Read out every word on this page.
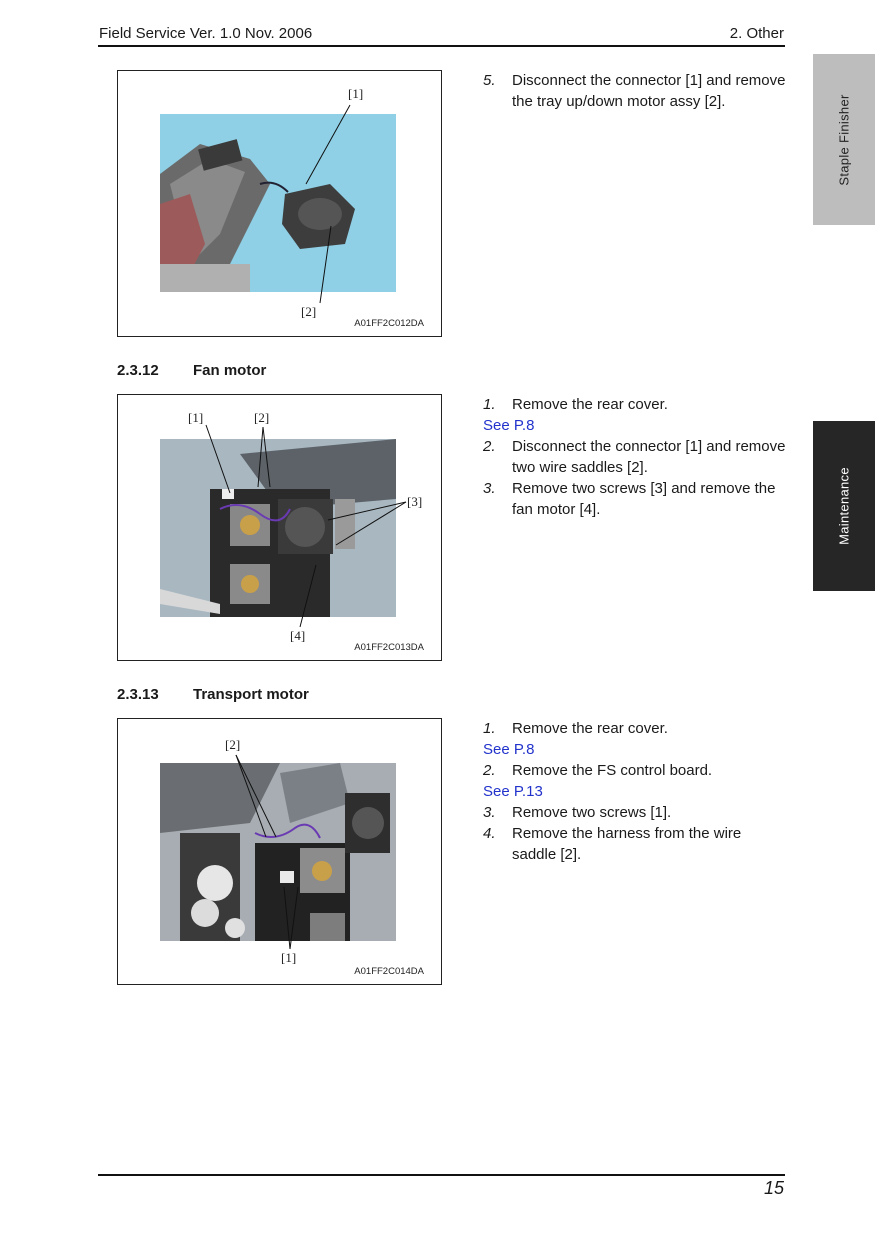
Field Service Ver. 1.0 Nov. 2006	2. Other
Staple Finisher
Maintenance
[1]
[2]
A01FF2C012DA
5. Disconnect the connector [1] and remove the tray up/down motor assy [2].
2.3.12 Fan motor
[1]	[2]
[3]
[4]
A01FF2C013DA
1. Remove the rear cover.
See P.8
2. Disconnect the connector [1] and remove two wire saddles [2].
3. Remove two screws [3] and remove the fan motor [4].
2.3.13 Transport motor
[2]
[1]
A01FF2C014DA
1. Remove the rear cover.
See P.8
2. Remove the FS control board.
See P.13
3. Remove two screws [1].
4. Remove the harness from the wire saddle [2].
15
